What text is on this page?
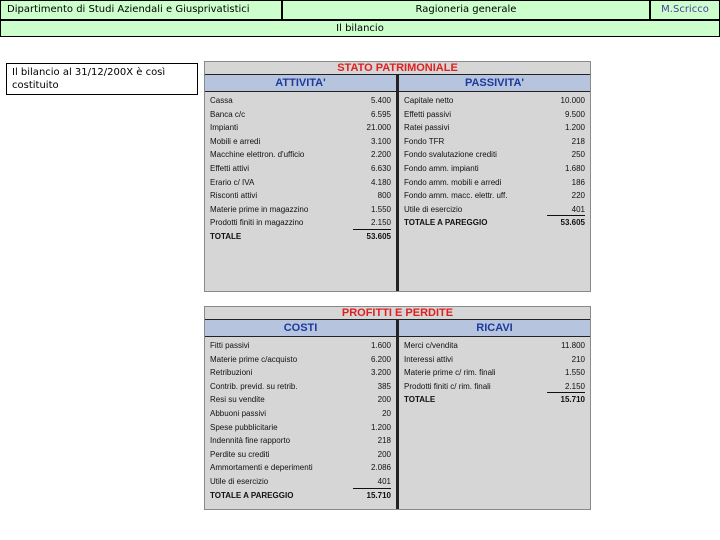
Dipartimento di Studi Aziendali e Giusprivatistici	Ragioneria generale	M.Scricco
Il bilancio
Il bilancio al 31/12/200X è così costituito
STATO PATRIMONIALE
ATTIVITA'
Cassa	5.400
Banca c/c	6.595
Impianti	21.000
Mobili e arredi	3.100
Macchine elettron. d'ufficio	2.200
Effetti attivi	6.630
Erario c/ IVA	4.180
Risconti attivi	800
Materie prime in magazzino	1.550
Prodotti finiti in magazzino	2.150
TOTALE	53.605
PASSIVITA'
Capitale netto	10.000
Effetti passivi	9.500
Ratei passivi	1.200
Fondo TFR	218
Fondo svalutazione crediti	250
Fondo amm. impianti	1.680
Fondo amm. mobili e arredi	186
Fondo amm. macc. elettr. uff.	220
Utile di esercizio	401
TOTALE A PAREGGIO	53.605
PROFITTI E PERDITE
COSTI
Fitti passivi	1.600
Materie prime c/acquisto	6.200
Retribuzioni	3.200
Contrib. previd. su retrib.	385
Resi su vendite	200
Abbuoni passivi	20
Spese pubblicitarie	1.200
Indennità fine rapporto	218
Perdite su crediti	200
Ammortamenti e deperimenti	2.086
Utile di esercizio	401
TOTALE A PAREGGIO	15.710
RICAVI
Merci c/vendita	11.800
Interessi attivi	210
Materie prime c/ rim. finali	1.550
Prodotti finiti c/ rim. finali	2.150
TOTALE	15.710
